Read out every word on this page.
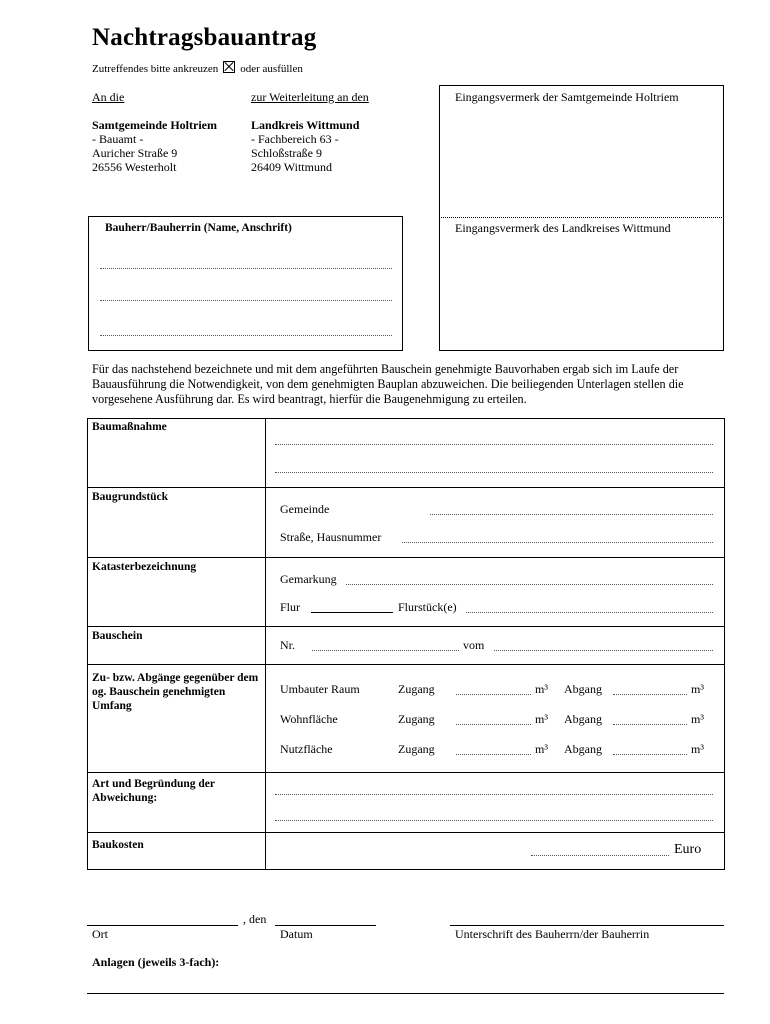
Nachtragsbauantrag
Zutreffendes bitte ankreuzen oder ausfüllen
An die
Samtgemeinde Holtriem
- Bauamt -
Auricher Straße 9
26556 Westerholt
zur Weiterleitung an den
Landkreis Wittmund
- Fachbereich 63 -
Schloßstraße 9
26409 Wittmund
Eingangsvermerk der Samtgemeinde Holtriem
Eingangsvermerk des Landkreises Wittmund
Bauherr/Bauherrin (Name, Anschrift)
Für das nachstehend bezeichnete und mit dem angeführten Bauschein genehmigte Bauvorhaben ergab sich im Laufe der Bauausführung die Notwendigkeit, von dem genehmigten Bauplan abzuweichen. Die beiliegenden Unterlagen stellen die vorgesehene Ausführung dar. Es wird beantragt, hierfür die Baugenehmigung zu erteilen.
Baumaßnahme
Baugrundstück
Gemeinde
Straße, Hausnummer
Katasterbezeichnung
Gemarkung
Flur	Flurstück(e)
Bauschein
Nr.	vom
Zu- bzw. Abgänge gegenüber dem og. Bauschein genehmigten Umfang
Umbauter Raum	Zugang	m³ Abgang	m³
Wohnfläche	Zugang	m³ Abgang	m³
Nutzfläche	Zugang	m³ Abgang	m³
Art und Begründung der Abweichung:
Baukosten	Euro
, den
Ort	Datum	Unterschrift des Bauherrn/der Bauherrin
Anlagen (jeweils 3-fach):
